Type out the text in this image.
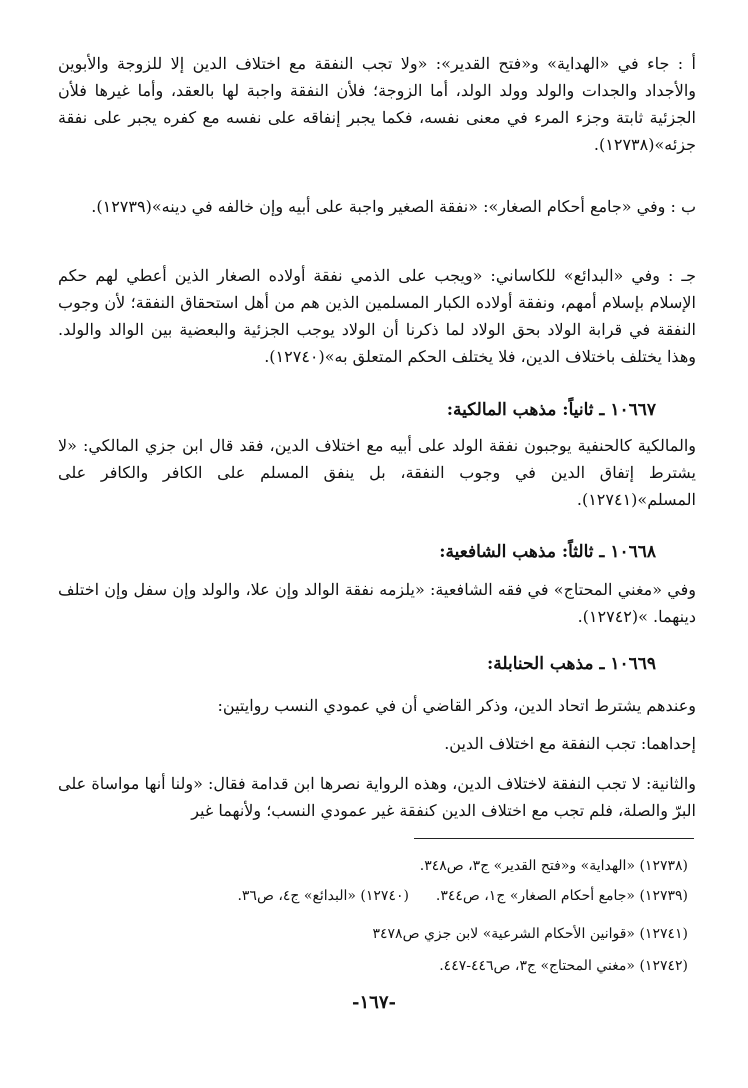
أ : جاء في «الهداية» و«فتح القدير»: «ولا تجب النفقة مع اختلاف الدين إلا للزوجة والأبوين والأجداد والجدات والولد وولد الولد، أما الزوجة؛ فلأن النفقة واجبة لها بالعقد، وأما غيرها فلأن الجزئية ثابتة وجزء المرء في معنى نفسه، فكما يجبر إنفاقه على نفسه مع كفره يجبر على نفقة جزئه»(١٢٧٣٨).

ب : وفي «جامع أحكام الصغار»: «نفقة الصغير واجبة على أبيه وإن خالفه في دينه»(١٢٧٣٩).

جـ : وفي «البدائع» للكاساني: «ويجب على الذمي نفقة أولاده الصغار الذين أعطي لهم حكم الإسلام بإسلام أمهم، ونفقة أولاده الكبار المسلمين الذين هم من أهل استحقاق النفقة؛ لأن وجوب النفقة في قرابة الولاد بحق الولاد لما ذكرنا أن الولاد يوجب الجزئية والبعضية بين الوالد والولد. وهذا يختلف باختلاف الدين، فلا يختلف الحكم المتعلق به»(١٢٧٤٠).

١٠٦٦٧ ـ ثانياً: مذهب المالكية:

والمالكية كالحنفية يوجبون نفقة الولد على أبيه مع اختلاف الدين، فقد قال ابن جزي المالكي: «لا يشترط إتفاق الدين في وجوب النفقة، بل ينفق المسلم على الكافر والكافر على المسلم»(١٢٧٤١).

١٠٦٦٨ ـ ثالثاً: مذهب الشافعية:

وفي «مغني المحتاج» في فقه الشافعية: «يلزمه نفقة الوالد وإن علا، والولد وإن سفل وإن اختلف دينهما. »(١٢٧٤٢).

١٠٦٦٩ ـ مذهب الحنابلة:

وعندهم يشترط اتحاد الدين، وذكر القاضي أن في عمودي النسب روايتين:

إحداهما: تجب النفقة مع اختلاف الدين.

والثانية: لا تجب النفقة لاختلاف الدين، وهذه الرواية نصرها ابن قدامة فقال: «ولنا أنها مواساة على البرّ والصلة، فلم تجب مع اختلاف الدين كنفقة غير عمودي النسب؛ ولأنهما غير

(١٢٧٣٨) «الهداية» و«فتح القدير» ج٣، ص٣٤٨.
(١٢٧٣٩) «جامع أحكام الصغار» ج١، ص٣٤٤.  (١٢٧٤٠) «البدائع» ج٤، ص٣٦.
(١٢٧٤١) «قوانين الأحكام الشرعية» لابن جزي ص٣٤٧٨
(١٢٧٤٢) «مغني المحتاج» ج٣، ص٤٤٦-٤٤٧.
-١٦٧-
